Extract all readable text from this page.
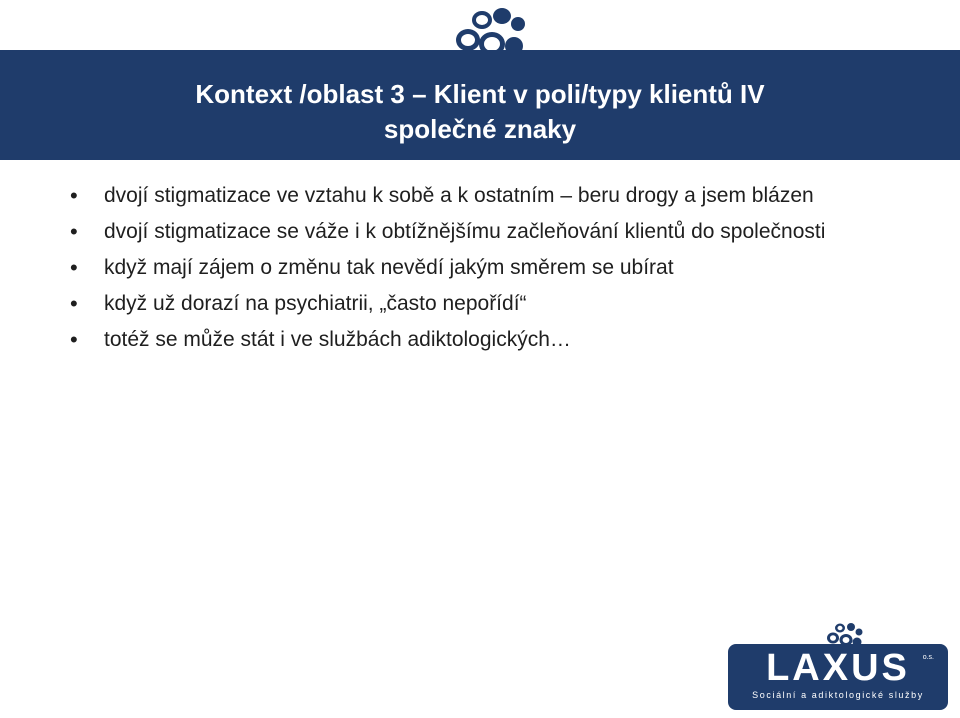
Kontext /oblast 3 – Klient v poli/typy klientů IV
společné znaky
• dvojí stigmatizace ve vztahu k sobě a k ostatním – beru drogy a jsem blázen
• dvojí stigmatizace se váže i k obtížnějšímu začleňování klientů do společnosti
• když mají zájem o změnu tak nevědí jakým směrem se ubírat
• když už dorazí na psychiatrii, „často nepořídí“
• totéž se může stát i ve službách adiktologických…
LAXUS	o.s.
Sociální a adiktologické služby
